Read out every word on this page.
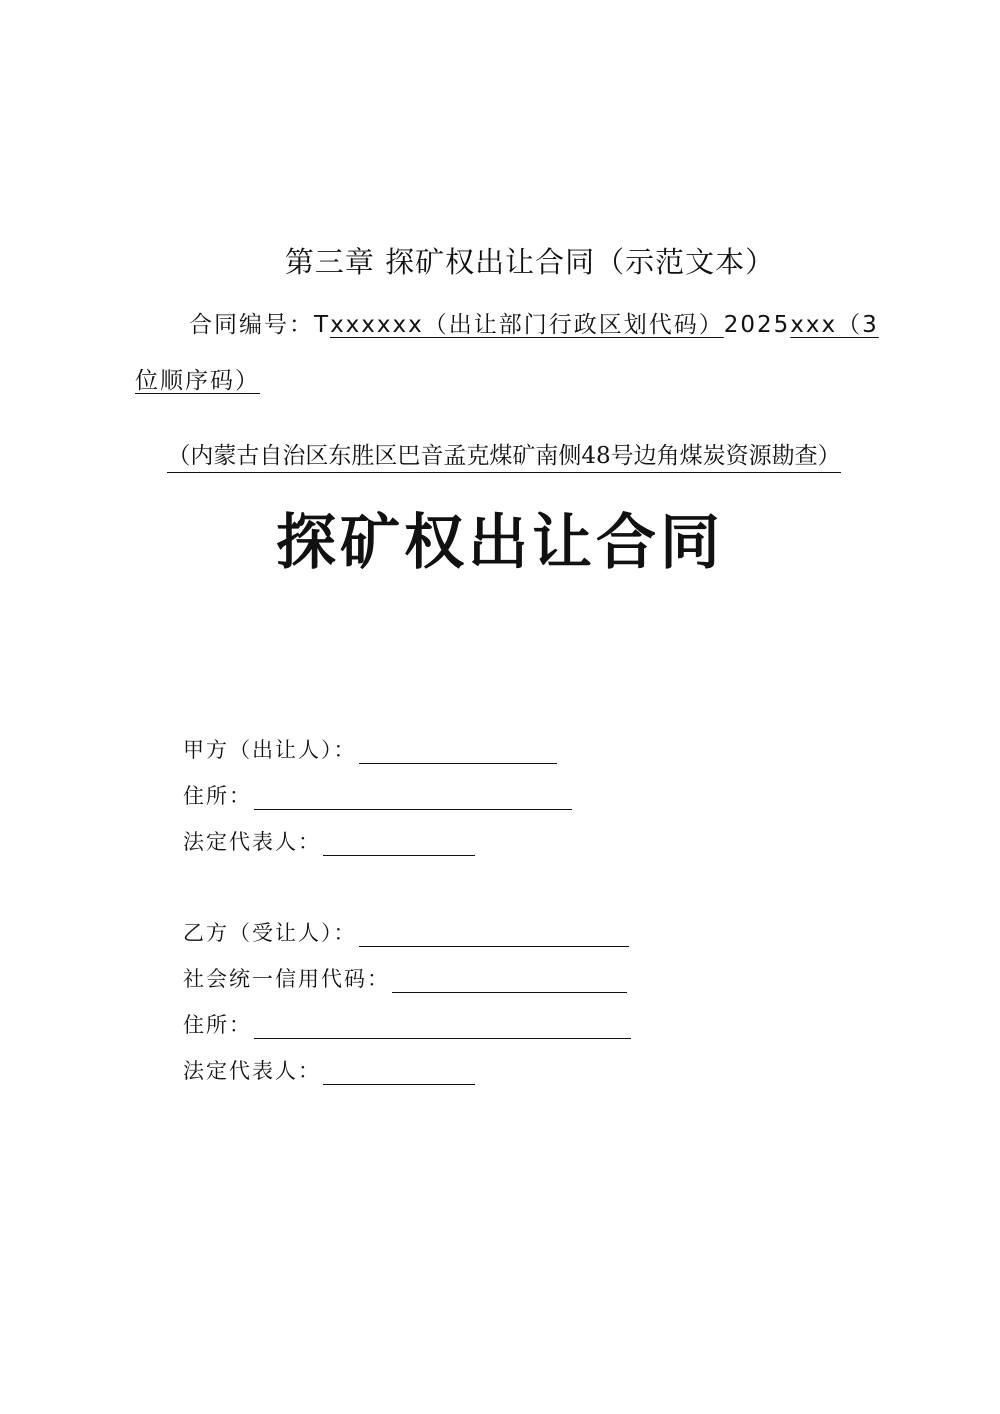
第三章 探矿权出让合同（示范文本）
合同编号：Txxxxxx（出让部门行政区划代码）2025xxx（3位顺序码）
（内蒙古自治区东胜区巴音孟克煤矿南侧48号边角煤炭资源勘查）
探矿权出让合同
甲方（出让人）：
住所：
法定代表人：
乙方（受让人）：
社会统一信用代码：
住所：
法定代表人：
